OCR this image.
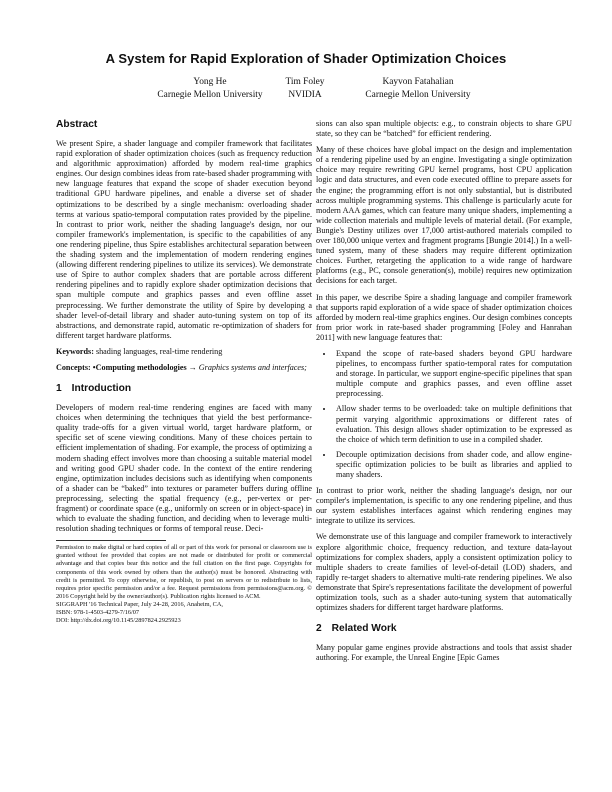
A System for Rapid Exploration of Shader Optimization Choices
Yong He
Carnegie Mellon University
Tim Foley
NVIDIA
Kayvon Fatahalian
Carnegie Mellon University
Abstract

We present Spire, a shader language and compiler framework that facilitates rapid exploration of shader optimization choices (such as frequency reduction and algorithmic approximation) afforded by modern real-time graphics engines. Our design combines ideas from rate-based shader programming with new language features that expand the scope of shader execution beyond traditional GPU hardware pipelines, and enable a diverse set of shader optimizations to be described by a single mechanism: overloading shader terms at various spatio-temporal computation rates provided by the pipeline. In contrast to prior work, neither the shading language's design, nor our compiler framework's implementation, is specific to the capabilities of any one rendering pipeline, thus Spire establishes architectural separation between the shading system and the implementation of modern rendering engines (allowing different rendering pipelines to utilize its services). We demonstrate use of Spire to author complex shaders that are portable across different rendering pipelines and to rapidly explore shader optimization decisions that span multiple compute and graphics passes and even offline asset preprocessing. We further demonstrate the utility of Spire by developing a shader level-of-detail library and shader auto-tuning system on top of its abstractions, and demonstrate rapid, automatic re-optimization of shaders for different target hardware platforms.

Keywords: shading languages, real-time rendering

Concepts: •Computing methodologies → Graphics systems and interfaces;

1 Introduction

Developers of modern real-time rendering engines are faced with many choices when determining the techniques that yield the best performance-quality trade-offs for a given virtual world, target hardware platform, or specific set of scene viewing conditions. Many of these choices pertain to efficient implementation of shading. For example, the process of optimizing a modern shading effect involves more than choosing a suitable material model and writing good GPU shader code. In the context of the entire rendering engine, optimization includes decisions such as identifying when components of a shader can be “baked” into textures or parameter buffers during offline preprocessing, selecting the spatial frequency (e.g., per-vertex or per-fragment) or coordinate space (e.g., uniformly on screen or in object-space) in which to evaluate the shading function, and deciding when to leverage multi-resolution shading techniques or forms of temporal reuse. Deci-

Permission to make digital or hard copies of all or part of this work for personal or classroom use is granted without fee provided that copies are not made or distributed for profit or commercial advantage and that copies bear this notice and the full citation on the first page. Copyrights for components of this work owned by others than the author(s) must be honored. Abstracting with credit is permitted. To copy otherwise, or republish, to post on servers or to redistribute to lists, requires prior specific permission and/or a fee. Request permissions from permissions@acm.org. © 2016 Copyright held by the owner/author(s). Publication rights licensed to ACM.
SIGGRAPH '16 Technical Paper, July 24-28, 2016, Anaheim, CA,
ISBN: 978-1-4503-4279-7/16/07
DOI: http://dx.doi.org/10.1145/2897824.2925923

sions can also span multiple objects: e.g., to constrain objects to share GPU state, so they can be “batched” for efficient rendering.

Many of these choices have global impact on the design and implementation of a rendering pipeline used by an engine. Investigating a single optimization choice may require rewriting GPU kernel programs, host CPU application logic and data structures, and even code executed offline to prepare assets for the engine; the programming effort is not only substantial, but is distributed across multiple programming systems. This challenge is particularly acute for modern AAA games, which can feature many unique shaders, implementing a wide collection materials and multiple levels of material detail. (For example, Bungie's Destiny utilizes over 17,000 artist-authored materials compiled to over 180,000 unique vertex and fragment programs [Bungie 2014].) In a well-tuned system, many of these shaders may require different optimization choices. Further, retargeting the application to a wide range of hardware platforms (e.g., PC, console generation(s), mobile) requires new optimization decisions for each target.

In this paper, we describe Spire a shading language and compiler framework that supports rapid exploration of a wide space of shader optimization choices afforded by modern real-time graphics engines. Our design combines concepts from prior work in rate-based shader programming [Foley and Hanrahan 2011] with new language features that:

• Expand the scope of rate-based shaders beyond GPU hardware pipelines, to encompass further spatio-temporal rates for computation and storage. In particular, we support engine-specific pipelines that span multiple compute and graphics passes, and even offline asset preprocessing.
• Allow shader terms to be overloaded: take on multiple definitions that permit varying algorithmic approximations or different rates of evaluation. This design allows shader optimization to be expressed as the choice of which term definition to use in a compiled shader.
• Decouple optimization decisions from shader code, and allow engine-specific optimization policies to be built as libraries and applied to many shaders.

In contrast to prior work, neither the shading language's design, nor our compiler's implementation, is specific to any one rendering pipeline, and thus our system establishes interfaces against which rendering engines may integrate to utilize its services.

We demonstrate use of this language and compiler framework to interactively explore algorithmic choice, frequency reduction, and texture data-layout optimizations for complex shaders, apply a consistent optimization policy to multiple shaders to create families of level-of-detail (LOD) shaders, and rapidly re-target shaders to alternative multi-rate rendering pipelines. We also demonstrate that Spire's representations facilitate the development of powerful optimization tools, such as a shader auto-tuning system that automatically optimizes shaders for different target hardware platforms.

2 Related Work

Many popular game engines provide abstractions and tools that assist shader authoring. For example, the Unreal Engine [Epic Games
